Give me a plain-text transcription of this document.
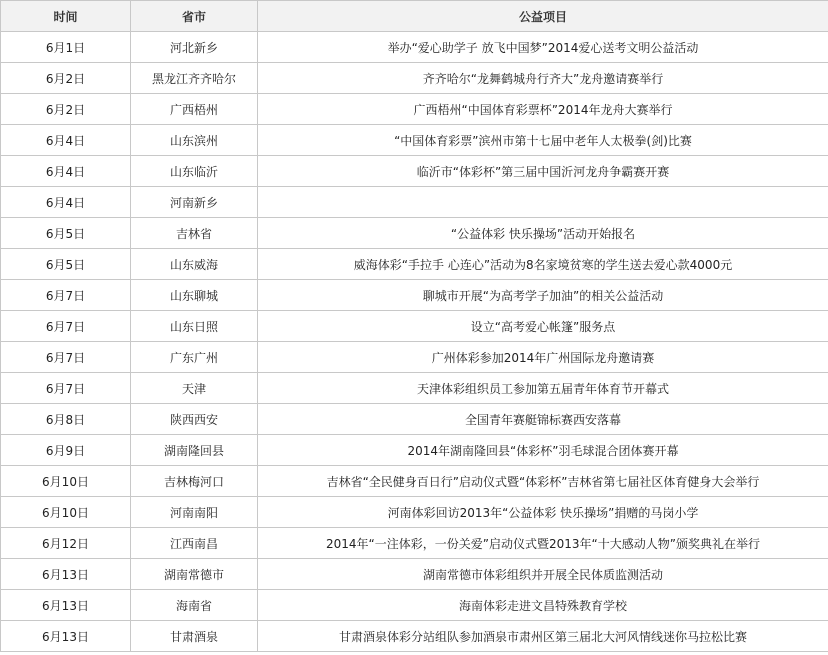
时间	省市	公益项目
6月1日	河北新乡	举办“爱心助学子 放飞中国梦”2014爱心送考文明公益活动
6月2日	黑龙江齐齐哈尔	齐齐哈尔“龙舞鹤城舟行齐大”龙舟邀请赛举行
6月2日	广西梧州	广西梧州“中国体育彩票杯”2014年龙舟大赛举行
6月4日	山东滨州	“中国体育彩票”滨州市第十七届中老年人太极拳(剑)比赛
6月4日	山东临沂	临沂市“体彩杯”第三届中国沂河龙舟争霸赛开赛
6月4日	河南新乡	
6月5日	吉林省	“公益体彩 快乐操场”活动开始报名
6月5日	山东威海	威海体彩“手拉手 心连心”活动为8名家境贫寒的学生送去爱心款4000元
6月7日	山东聊城	聊城市开展“为高考学子加油”的相关公益活动
6月7日	山东日照	设立“高考爱心帐篷”服务点
6月7日	广东广州	广州体彩参加2014年广州国际龙舟邀请赛
6月7日	天津	天津体彩组织员工参加第五届青年体育节开幕式
6月8日	陕西西安	全国青年赛艇锦标赛西安落幕
6月9日	湖南隆回县	2014年湖南隆回县“体彩杯”羽毛球混合团体赛开幕
6月10日	吉林梅河口	吉林省“全民健身百日行”启动仪式暨“体彩杯”吉林省第七届社区体育健身大会举行
6月10日	河南南阳	河南体彩回访2013年“公益体彩 快乐操场”捐赠的马岗小学
6月12日	江西南昌	2014年“一注体彩，一份关爱”启动仪式暨2013年“十大感动人物”颁奖典礼在举行
6月13日	湖南常德市	湖南常德市体彩组织并开展全民体质监测活动
6月13日	海南省	海南体彩走进文昌特殊教育学校
6月13日	甘肃酒泉	甘肃酒泉体彩分站组队参加酒泉市肃州区第三届北大河风情线迷你马拉松比赛
